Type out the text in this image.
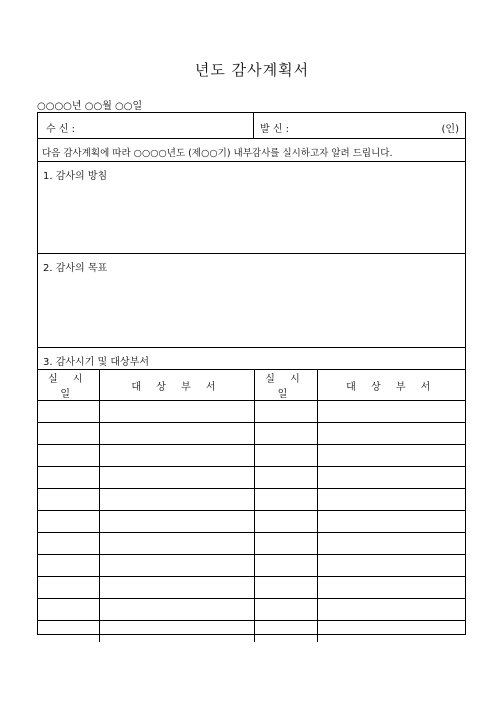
년도 감사계획서
○○○○년 ○○월 ○○일
수 신 :	발 신 :	(인)
다음 감사계획에 따라 ○○○○년도 (제○○기) 내부감사를 실시하고자 알려 드립니다.
1. 감사의 방침
2. 감사의 목표
3. 감사시기 및 대상부서
실 시 일	대 상 부 서	실 시 일	대 상 부 서
